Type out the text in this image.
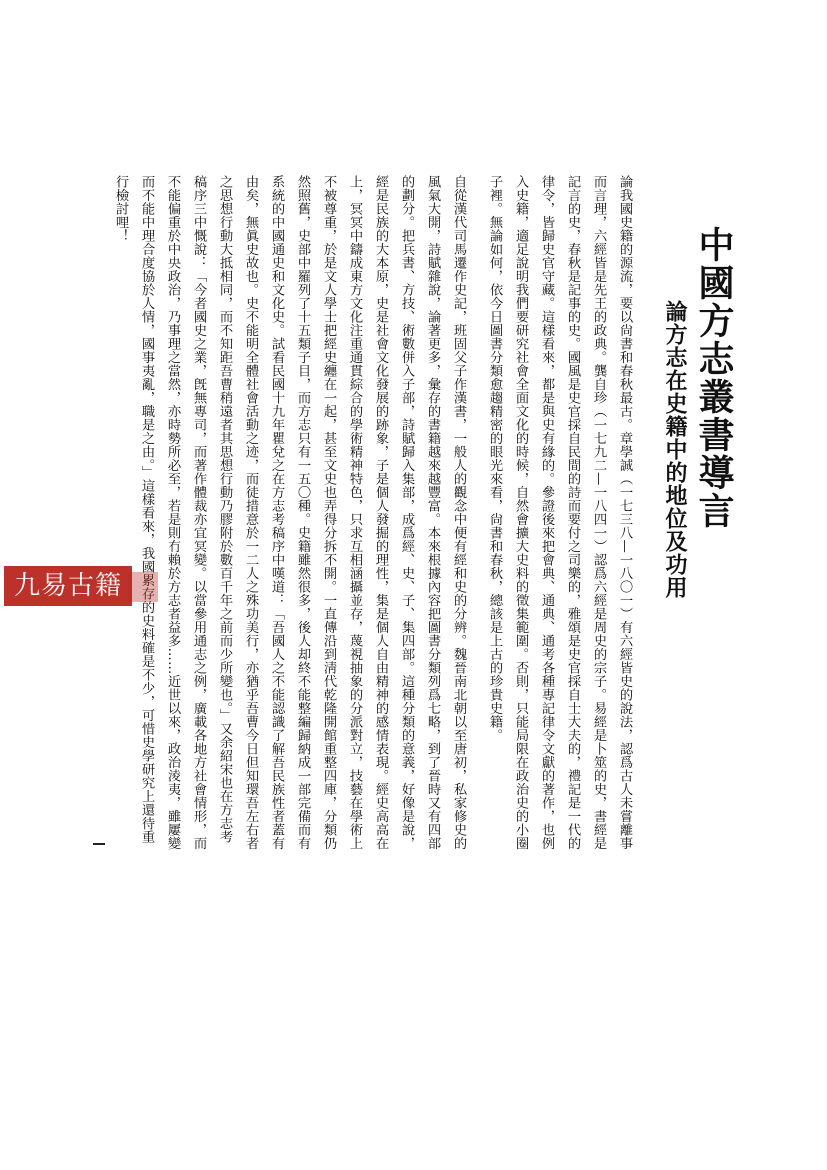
中國方志叢書導言
論方志在史籍中的地位及功用

論我國史籍的源流，要以尙書和春秋最古。章學誠（一七三八—一八〇一）有六經皆史的說法，認爲古人未嘗離事而言理，六經皆是先王的政典。龔自珍（一七九二—一八四一）認爲六經是周史的宗子。易經是卜筮的史，書經是記言的史，春秋是記事的史。國風是史官採自民間的詩而要付之司樂的，雅頌是史官採自士大夫的，禮記是一代的律令，皆歸史官守藏。這樣看來，都是與史有緣的。參證後來把會典、通典、通考各種專記律令文獻的著作，也例入史籍，適足說明我們要研究社會全面文化的時候，自然會擴大史料的徵集範圍。否則，只能局限在政治史的小圈子裡。無論如何，依今日圖書分類愈趨精密的眼光來看，尙書和春秋，總該是上古的珍貴史籍。

自從漢代司馬遷作史記，班固父子作漢書，一般人的觀念中便有經和史的分辨。魏晉南北朝以至唐初，私家修史的風氣大開，詩賦雜說，論著更多，彙存的書籍越來越豐富。本來根據內容把圖書分類列爲七略，到了晉時又有四部的劃分。把兵書、方技、術數併入子部，詩賦歸入集部，成爲經、史、子、集四部。這種分類的意義，好像是說，經是民族的大本原，史是社會文化發展的跡象，子是個人發掘的理性，集是個人自由精神的感情表現。經史高高在上，冥冥中鑄成東方文化注重通貫綜合的學術精神特色，只求互相涵攝並存，蔑視抽象的分派對立，技藝在學術上不被尊重，於是文人學士把經史纏在一起，甚至文史也弄得分拆不開。一直傳沿到淸代乾隆開館重整四庫，分類仍然照舊，史部中羅列了十五類子目，而方志只有一五〇種。史籍雖然很多，後人却終不能整編歸納成一部完備而有系統的中國通史和文化史。試看民國十九年瞿兌之在方志考稿序中嘆道：「吾國人之不能認識了解吾民族性者蓋有由矣，無眞史故也。史不能明全體社會活動之迹，而徒措意於一二人之殊功美行，亦猶乎吾曹今日但知環吾左右者之思想行動大抵相同，而不知距吾曹稍遠者其思想行動乃膠附於數百千年之前而少所變也。」又余紹宋也在方志考稿序三中慨說：「今者國史之業，旣無專司，而著作體裁亦宜冥變。以當參用通志之例，廣載各地方社會情形，而不能偏重於中央政治，乃事理之當然，亦時勢所必至，若是則冇賴於方志者益多……近世以來，政治淩夷，雖屢變而不能中理合度協於人情，國事夷亂，職是之由。」這樣看來，我國累存的史料確是不少，可惜史學研究上還待重行檢討哩！

九易古籍网
